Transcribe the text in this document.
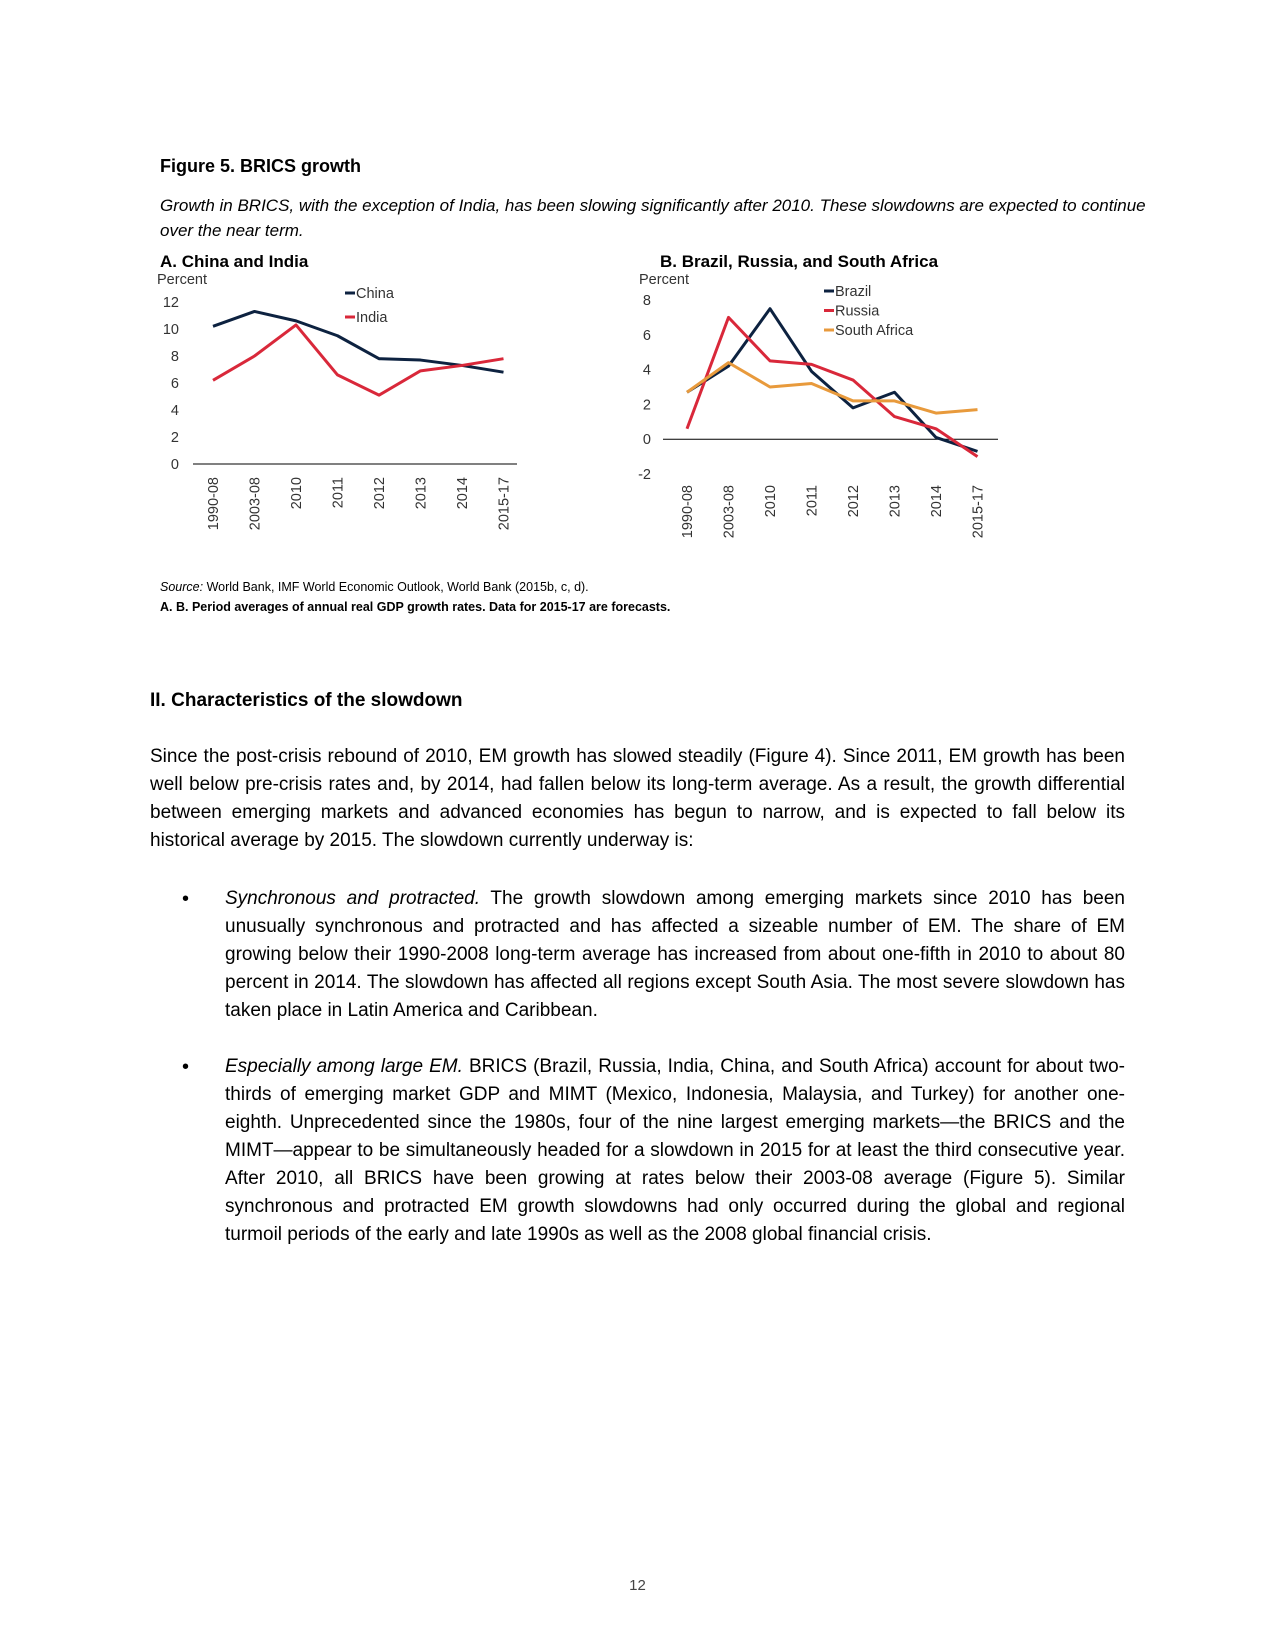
Figure 5. BRICS growth
Growth in BRICS, with the exception of India, has been slowing significantly after 2010. These slowdowns are expected to continue over the near term.
A. China and India	B. Brazil, Russia, and South Africa
Percent
0
2
4
6
8
10
12
1990-08 2003-08 2010 2011 2012 2013 2014 2015-17
China
India
Percent
-2
0
2
4
6
8
1990-08 2003-08 2010 2011 2012 2013 2014 2015-17
Brazil
Russia
South Africa
Source: World Bank, IMF World Economic Outlook, World Bank (2015b, c, d).
A. B. Period averages of annual real GDP growth rates. Data for 2015-17 are forecasts.
II. Characteristics of the slowdown
Since the post-crisis rebound of 2010, EM growth has slowed steadily (Figure 4). Since 2011, EM growth has been well below pre-crisis rates and, by 2014, had fallen below its long-term average. As a result, the growth differential between emerging markets and advanced economies has begun to narrow, and is expected to fall below its historical average by 2015. The slowdown currently underway is:
• Synchronous and protracted. The growth slowdown among emerging markets since 2010 has been unusually synchronous and protracted and has affected a sizeable number of EM. The share of EM growing below their 1990-2008 long-term average has increased from about one-fifth in 2010 to about 80 percent in 2014. The slowdown has affected all regions except South Asia. The most severe slowdown has taken place in Latin America and Caribbean.
• Especially among large EM. BRICS (Brazil, Russia, India, China, and South Africa) account for about two-thirds of emerging market GDP and MIMT (Mexico, Indonesia, Malaysia, and Turkey) for another one-eighth. Unprecedented since the 1980s, four of the nine largest emerging markets—the BRICS and the MIMT—appear to be simultaneously headed for a slowdown in 2015 for at least the third consecutive year. After 2010, all BRICS have been growing at rates below their 2003-08 average (Figure 5). Similar synchronous and protracted EM growth slowdowns had only occurred during the global and regional turmoil periods of the early and late 1990s as well as the 2008 global financial crisis.
12
